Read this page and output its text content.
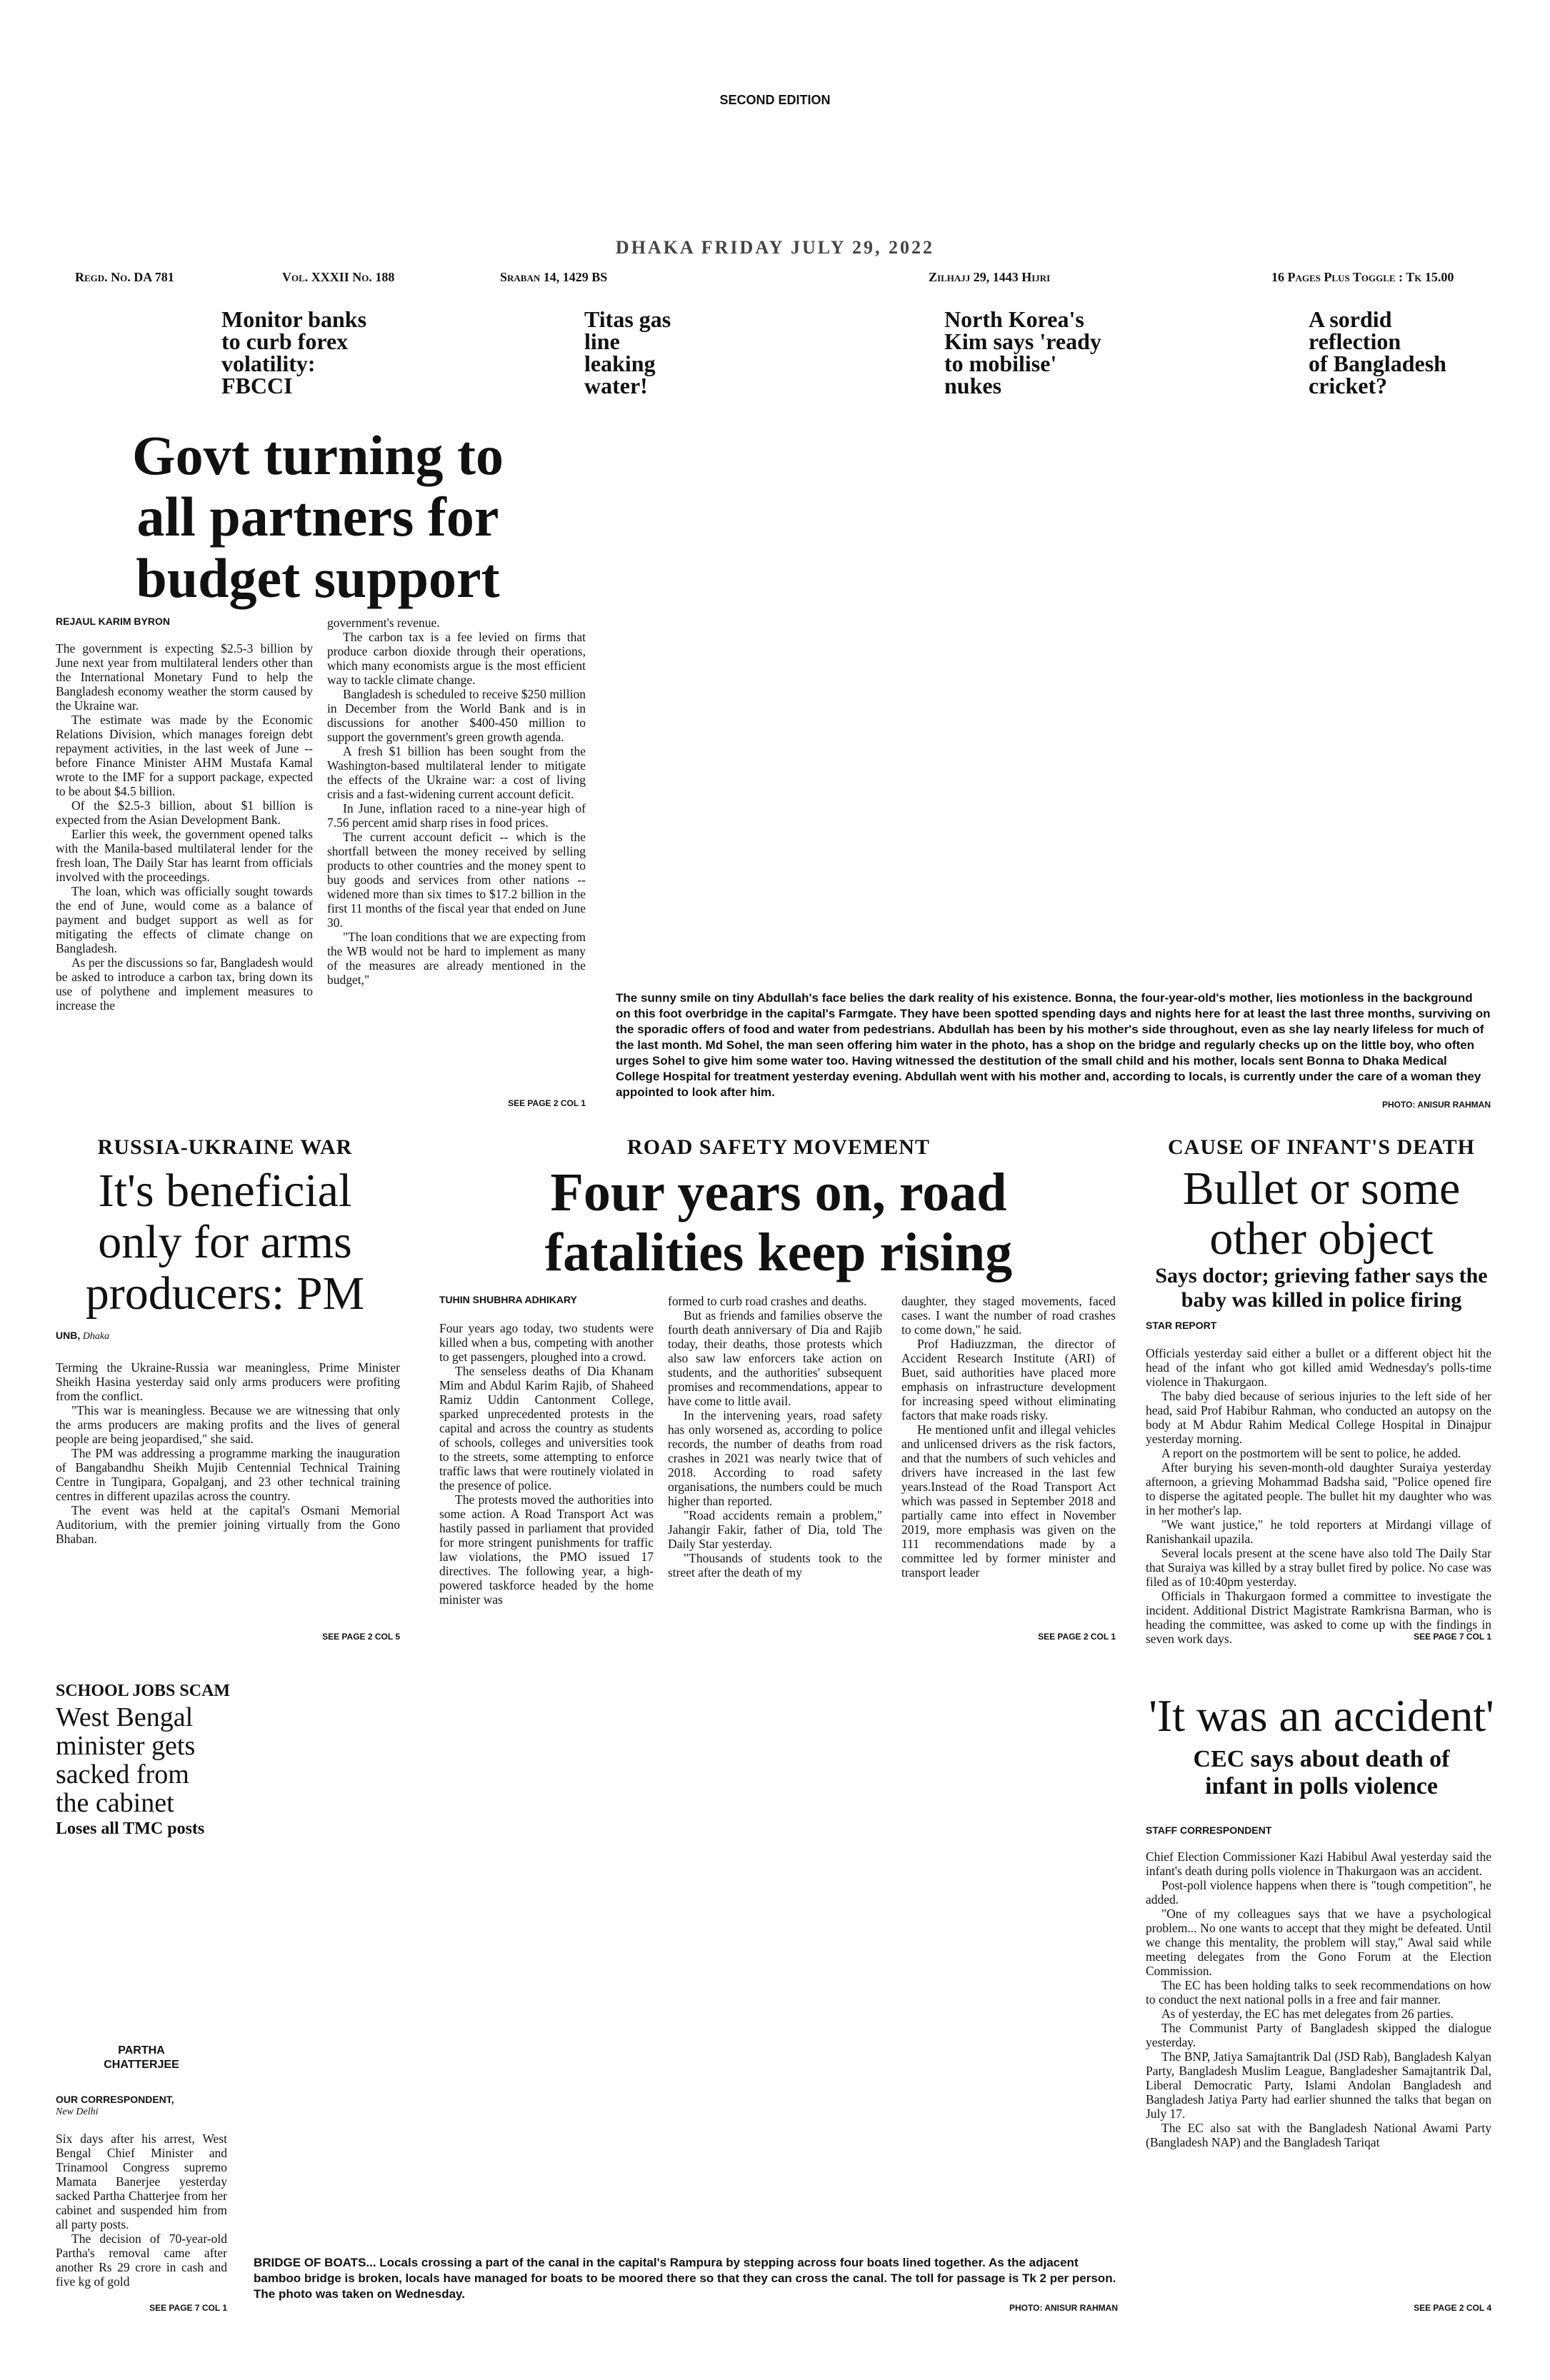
SECOND EDITION
DHAKA FRIDAY JULY 29, 2022
Regd. No. DA 781	Vol. XXXII No. 188	Sraban 14, 1429 BS	Zilhajj 29, 1443 Hijri	16 Pages Plus Toggle : Tk 15.00
Monitor banks
to curb forex
volatility:
FBCCI
Titas gas
line
leaking
water!
North Korea's
Kim says 'ready
to mobilise'
nukes
A sordid
reflection
of Bangladesh
cricket?
Govt turning to
all partners for
budget support
REJAUL KARIM BYRON

The government is expecting $2.5-3 billion by June next year from multilateral lenders other than the International Monetary Fund to help the Bangladesh economy weather the storm caused by the Ukraine war.

The estimate was made by the Economic Relations Division, which manages foreign debt repayment activities, in the last week of June -- before Finance Minister AHM Mustafa Kamal wrote to the IMF for a support package, expected to be about $4.5 billion.

Of the $2.5-3 billion, about $1 billion is expected from the Asian Development Bank.

Earlier this week, the government opened talks with the Manila-based multilateral lender for the fresh loan, The Daily Star has learnt from officials involved with the proceedings.

The loan, which was officially sought towards the end of June, would come as a balance of payment and budget support as well as for mitigating the effects of climate change on Bangladesh.

As per the discussions so far, Bangladesh would be asked to introduce a carbon tax, bring down its use of polythene and implement measures to increase the

government's revenue.

The carbon tax is a fee levied on firms that produce carbon dioxide through their operations, which many economists argue is the most efficient way to tackle climate change.

Bangladesh is scheduled to receive $250 million in December from the World Bank and is in discussions for another $400-450 million to support the government's green growth agenda.

A fresh $1 billion has been sought from the Washington-based multilateral lender to mitigate the effects of the Ukraine war: a cost of living crisis and a fast-widening current account deficit.

In June, inflation raced to a nine-year high of 7.56 percent amid sharp rises in food prices.

The current account deficit -- which is the shortfall between the money received by selling products to other countries and the money spent to buy goods and services from other nations -- widened more than six times to $17.2 billion in the first 11 months of the fiscal year that ended on June 30.

"The loan conditions that we are expecting from the WB would not be hard to implement as many of the measures are already mentioned in the budget,"

SEE PAGE 2 COL 1
The sunny smile on tiny Abdullah's face belies the dark reality of his existence. Bonna, the four-year-old's mother, lies motionless in the background on this foot overbridge in the capital's Farmgate. They have been spotted spending days and nights here for at least the last three months, surviving on the sporadic offers of food and water from pedestrians. Abdullah has been by his mother's side throughout, even as she lay nearly lifeless for much of the last month. Md Sohel, the man seen offering him water in the photo, has a shop on the bridge and regularly checks up on the little boy, who often urges Sohel to give him some water too. Having witnessed the destitution of the small child and his mother, locals sent Bonna to Dhaka Medical College Hospital for treatment yesterday evening. Abdullah went with his mother and, according to locals, is currently under the care of a woman they appointed to look after him.
PHOTO: ANISUR RAHMAN
RUSSIA-UKRAINE WAR
It's beneficial
only for arms
producers: PM
UNB, Dhaka

Terming the Ukraine-Russia war meaningless, Prime Minister Sheikh Hasina yesterday said only arms producers were profiting from the conflict.

"This war is meaningless. Because we are witnessing that only the arms producers are making profits and the lives of general people are being jeopardised," she said.

The PM was addressing a programme marking the inauguration of Bangabandhu Sheikh Mujib Centennial Technical Training Centre in Tungipara, Gopalganj, and 23 other technical training centres in different upazilas across the country.

The event was held at the capital's Osmani Memorial Auditorium, with the premier joining virtually from the Gono Bhaban.

SEE PAGE 2 COL 5
ROAD SAFETY MOVEMENT
Four years on, road
fatalities keep rising
TUHIN SHUBHRA ADHIKARY

Four years ago today, two students were killed when a bus, competing with another to get passengers, ploughed into a crowd.

The senseless deaths of Dia Khanam Mim and Abdul Karim Rajib, of Shaheed Ramiz Uddin Cantonment College, sparked unprecedented protests in the capital and across the country as students of schools, colleges and universities took to the streets, some attempting to enforce traffic laws that were routinely violated in the presence of police.

The protests moved the authorities into some action. A Road Transport Act was hastily passed in parliament that provided for more stringent punishments for traffic law violations, the PMO issued 17 directives. The following year, a high-powered taskforce headed by the home minister was

formed to curb road crashes and deaths.

But as friends and families observe the fourth death anniversary of Dia and Rajib today, their deaths, those protests which also saw law enforcers take action on students, and the authorities' subsequent promises and recommendations, appear to have come to little avail.

In the intervening years, road safety has only worsened as, according to police records, the number of deaths from road crashes in 2021 was nearly twice that of 2018. According to road safety organisations, the numbers could be much higher than reported.

"Road accidents remain a problem," Jahangir Fakir, father of Dia, told The Daily Star yesterday.

"Thousands of students took to the street after the death of my

daughter, they staged movements, faced cases. I want the number of road crashes to come down," he said.

Prof Hadiuzzman, the director of Accident Research Institute (ARI) of Buet, said authorities have placed more emphasis on infrastructure development for increasing speed without eliminating factors that make roads risky.

He mentioned unfit and illegal vehicles and unlicensed drivers as the risk factors, and that the numbers of such vehicles and drivers have increased in the last few years.Instead of the Road Transport Act which was passed in September 2018 and partially came into effect in November 2019, more emphasis was given on the 111 recommendations made by a committee led by former minister and transport leader

SEE PAGE 2 COL 1
CAUSE OF INFANT'S DEATH
Bullet or some
other object
Says doctor; grieving father says the baby was killed in police firing
STAR REPORT

Officials yesterday said either a bullet or a different object hit the head of the infant who got killed amid Wednesday's polls-time violence in Thakurgaon.

The baby died because of serious injuries to the left side of her head, said Prof Habibur Rahman, who conducted an autopsy on the body at M Abdur Rahim Medical College Hospital in Dinajpur yesterday morning.

A report on the postmortem will be sent to police, he added.

After burying his seven-month-old daughter Suraiya yesterday afternoon, a grieving Mohammad Badsha said, "Police opened fire to disperse the agitated people. The bullet hit my daughter who was in her mother's lap.

"We want justice," he told reporters at Mirdangi village of Ranishankail upazila.

Several locals present at the scene have also told The Daily Star that Suraiya was killed by a stray bullet fired by police. No case was filed as of 10:40pm yesterday.

Officials in Thakurgaon formed a committee to investigate the incident. Additional District Magistrate Ramkrisna Barman, who is heading the committee, was asked to come up with the findings in seven work days.	SEE PAGE 7 COL 1
SCHOOL JOBS SCAM
West Bengal
minister gets
sacked from
the cabinet
Loses all TMC posts
PARTHA
CHATTERJEE
OUR CORRESPONDENT,
New Delhi

Six days after his arrest, West Bengal Chief Minister and Trinamool Congress supremo Mamata Banerjee yesterday sacked Partha Chatterjee from her cabinet and suspended him from all party posts.

The decision of 70-year-old Partha's removal came after another Rs 29 crore in cash and five kg of gold

SEE PAGE 7 COL 1
BRIDGE OF BOATS... Locals crossing a part of the canal in the capital's Rampura by stepping across four boats lined together. As the adjacent bamboo bridge is broken, locals have managed for boats to be moored there so that they can cross the canal. The toll for passage is Tk 2 per person. The photo was taken on Wednesday.
PHOTO: ANISUR RAHMAN
'It was an accident'
CEC says about death of
infant in polls violence
STAFF CORRESPONDENT

Chief Election Commissioner Kazi Habibul Awal yesterday said the infant's death during polls violence in Thakurgaon was an accident.

Post-poll violence happens when there is "tough competition", he added.

"One of my colleagues says that we have a psychological problem... No one wants to accept that they might be defeated. Until we change this mentality, the problem will stay," Awal said while meeting delegates from the Gono Forum at the Election Commission.

The EC has been holding talks to seek recommendations on how to conduct the next national polls in a free and fair manner.

As of yesterday, the EC has met delegates from 26 parties.

The Communist Party of Bangladesh skipped the dialogue yesterday.

The BNP, Jatiya Samajtantrik Dal (JSD Rab), Bangladesh Kalyan Party, Bangladesh Muslim League, Bangladesher Samajtantrik Dal, Liberal Democratic Party, Islami Andolan Bangladesh and Bangladesh Jatiya Party had earlier shunned the talks that began on July 17.

The EC also sat with the Bangladesh National Awami Party (Bangladesh NAP) and the Bangladesh Tariqat

SEE PAGE 2 COL 4
